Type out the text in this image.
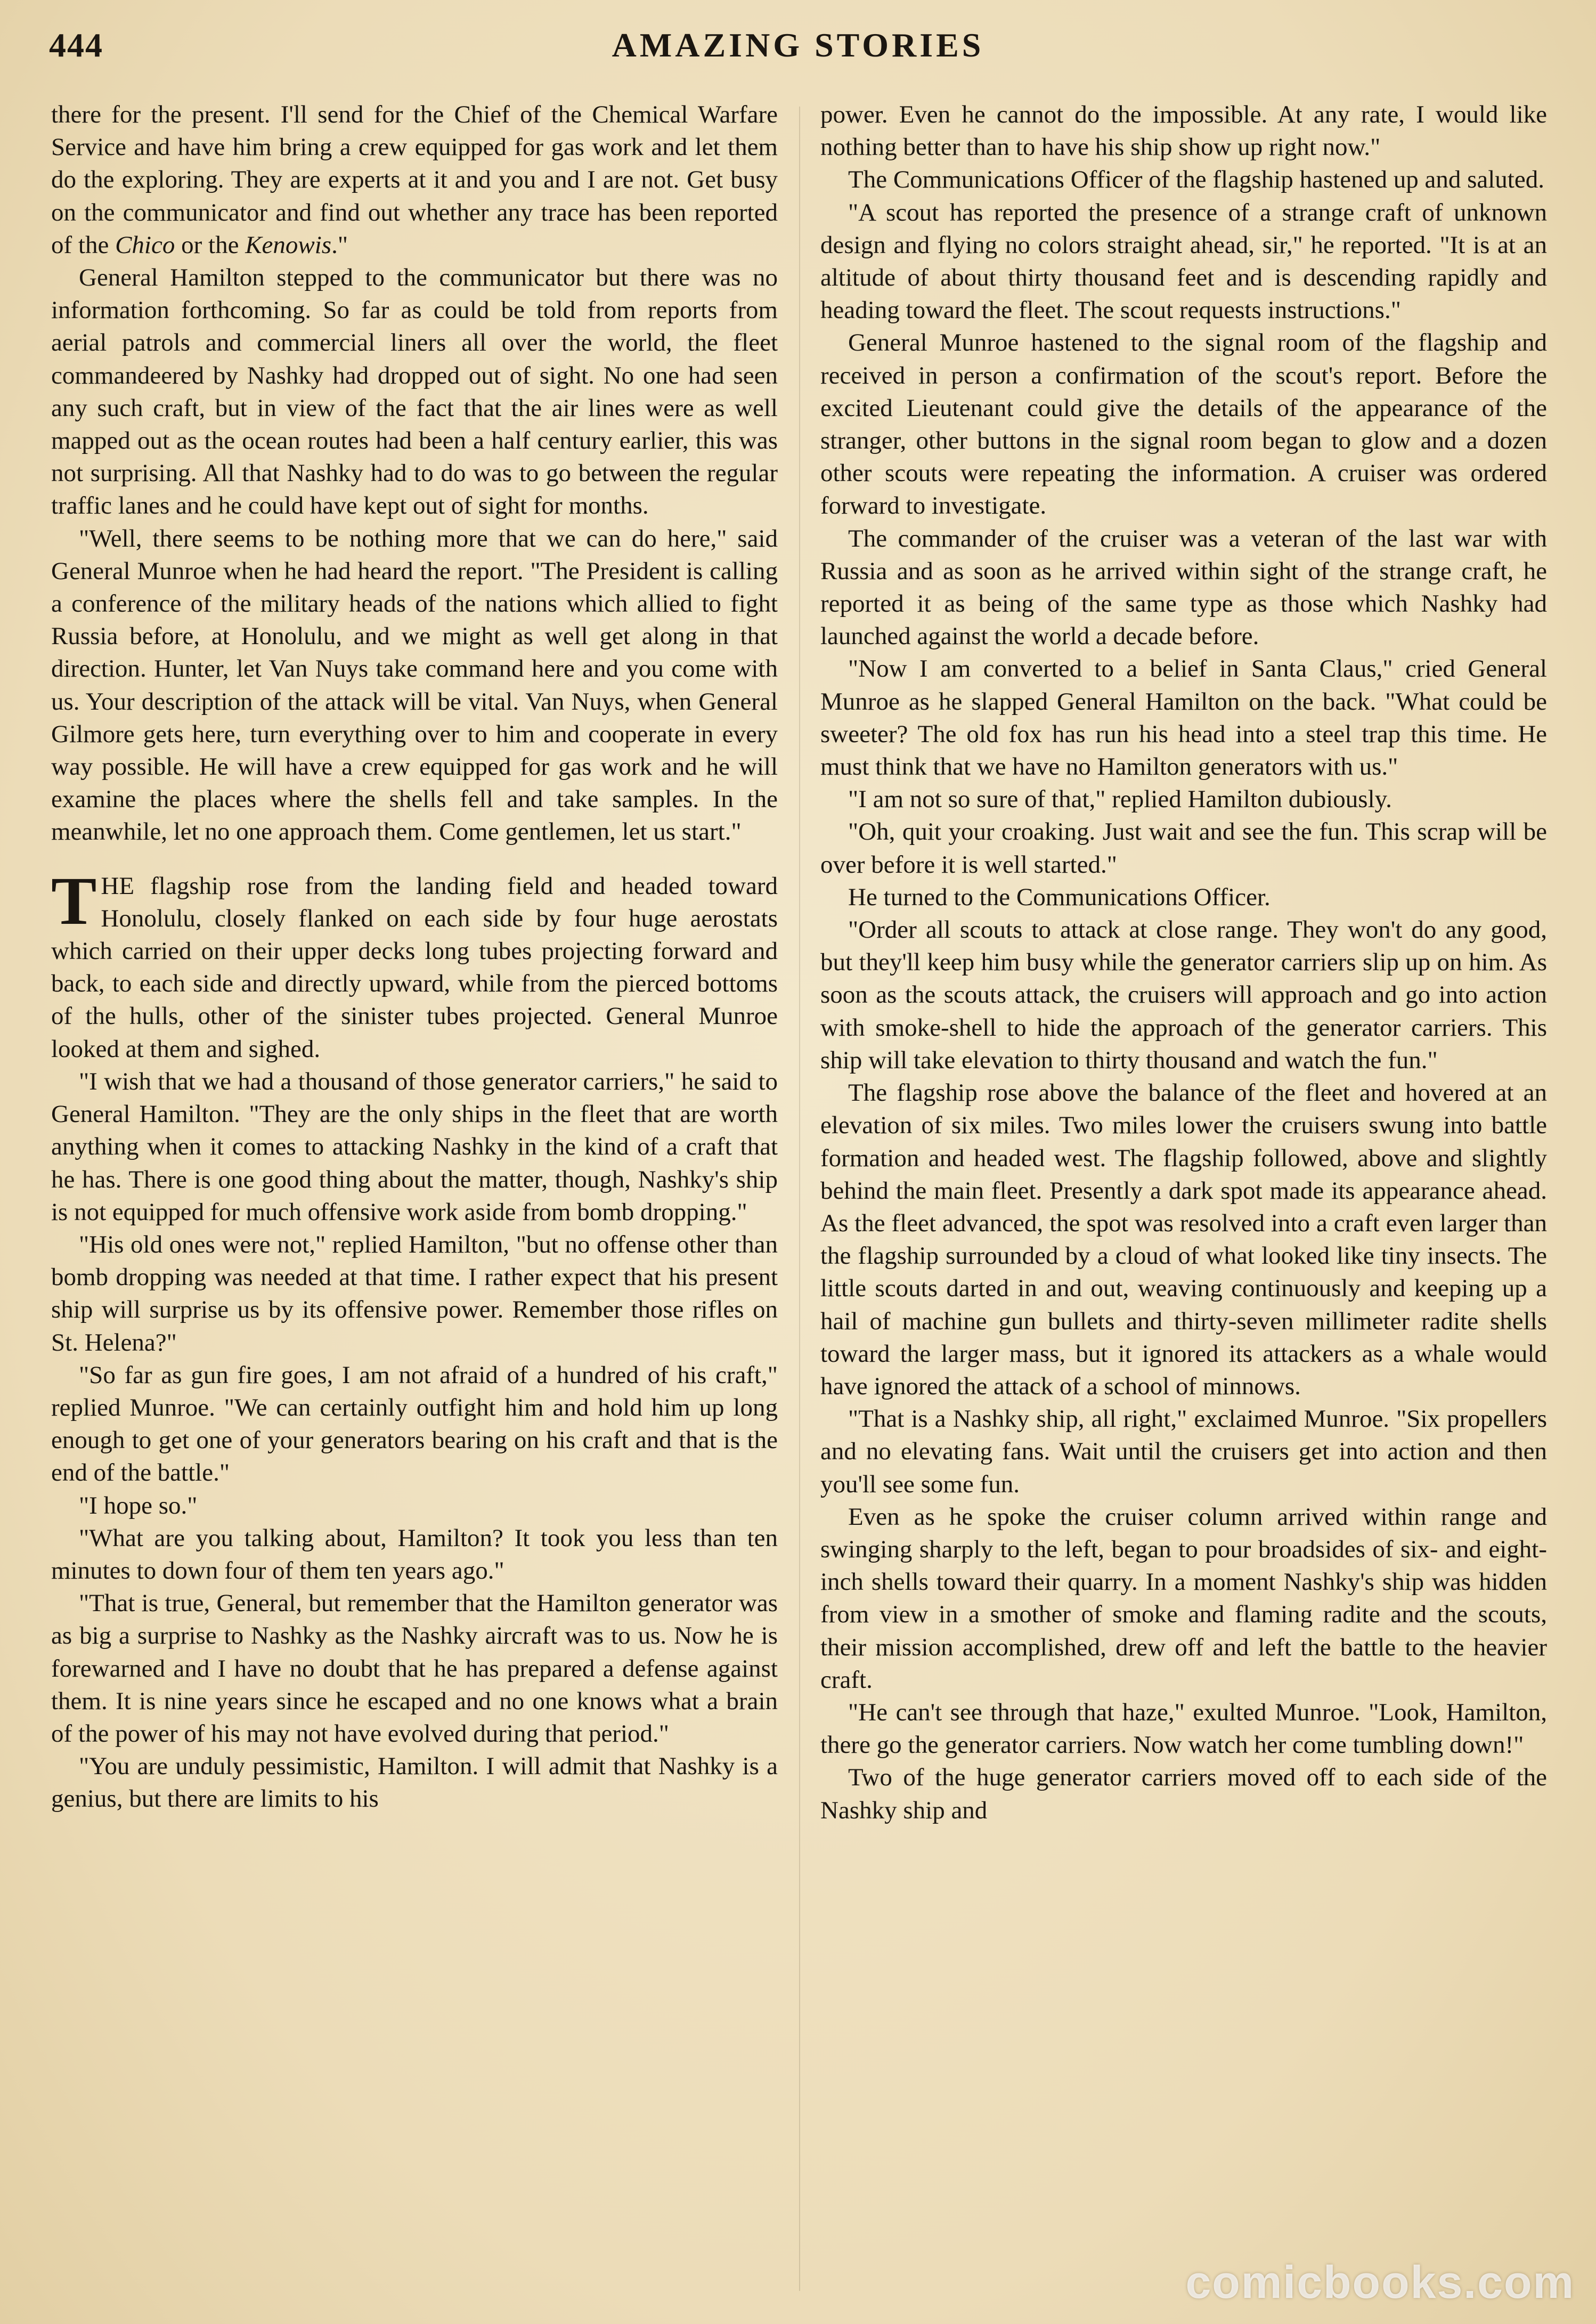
444	AMAZING STORIES

there for the present. I'll send for the Chief of the Chemical Warfare Service and have him bring a crew equipped for gas work and let them do the exploring. They are experts at it and you and I are not. Get busy on the communicator and find out whether any trace has been reported of the Chico or the Kenowis."

General Hamilton stepped to the communicator but there was no information forthcoming. So far as could be told from reports from aerial patrols and commercial liners all over the world, the fleet commandeered by Nashky had dropped out of sight. No one had seen any such craft, but in view of the fact that the air lines were as well mapped out as the ocean routes had been a half century earlier, this was not surprising. All that Nashky had to do was to go between the regular traffic lanes and he could have kept out of sight for months.

"Well, there seems to be nothing more that we can do here," said General Munroe when he had heard the report. "The President is calling a conference of the military heads of the nations which allied to fight Russia before, at Honolulu, and we might as well get along in that direction. Hunter, let Van Nuys take command here and you come with us. Your description of the attack will be vital. Van Nuys, when General Gilmore gets here, turn everything over to him and cooperate in every way possible. He will have a crew equipped for gas work and he will examine the places where the shells fell and take samples. In the meanwhile, let no one approach them. Come gentlemen, let us start."

THE flagship rose from the landing field and headed toward Honolulu, closely flanked on each side by four huge aerostats which carried on their upper decks long tubes projecting forward and back, to each side and directly upward, while from the pierced bottoms of the hulls, other of the sinister tubes projected. General Munroe looked at them and sighed.

"I wish that we had a thousand of those generator carriers," he said to General Hamilton. "They are the only ships in the fleet that are worth anything when it comes to attacking Nashky in the kind of a craft that he has. There is one good thing about the matter, though, Nashky's ship is not equipped for much offensive work aside from bomb dropping."

"His old ones were not," replied Hamilton, "but no offense other than bomb dropping was needed at that time. I rather expect that his present ship will surprise us by its offensive power. Remember those rifles on St. Helena?"

"So far as gun fire goes, I am not afraid of a hundred of his craft," replied Munroe. "We can certainly outfight him and hold him up long enough to get one of your generators bearing on his craft and that is the end of the battle."

"I hope so."

"What are you talking about, Hamilton? It took you less than ten minutes to down four of them ten years ago."

"That is true, General, but remember that the Hamilton generator was as big a surprise to Nashky as the Nashky aircraft was to us. Now he is forewarned and I have no doubt that he has prepared a defense against them. It is nine years since he escaped and no one knows what a brain of the power of his may not have evolved during that period."

"You are unduly pessimistic, Hamilton. I will admit that Nashky is a genius, but there are limits to his

power. Even he cannot do the impossible. At any rate, I would like nothing better than to have his ship show up right now."

The Communications Officer of the flagship hastened up and saluted.

"A scout has reported the presence of a strange craft of unknown design and flying no colors straight ahead, sir," he reported. "It is at an altitude of about thirty thousand feet and is descending rapidly and heading toward the fleet. The scout requests instructions."

General Munroe hastened to the signal room of the flagship and received in person a confirmation of the scout's report. Before the excited Lieutenant could give the details of the appearance of the stranger, other buttons in the signal room began to glow and a dozen other scouts were repeating the information. A cruiser was ordered forward to investigate.

The commander of the cruiser was a veteran of the last war with Russia and as soon as he arrived within sight of the strange craft, he reported it as being of the same type as those which Nashky had launched against the world a decade before.

"Now I am converted to a belief in Santa Claus," cried General Munroe as he slapped General Hamilton on the back. "What could be sweeter? The old fox has run his head into a steel trap this time. He must think that we have no Hamilton generators with us."

"I am not so sure of that," replied Hamilton dubiously.

"Oh, quit your croaking. Just wait and see the fun. This scrap will be over before it is well started."

He turned to the Communications Officer.

"Order all scouts to attack at close range. They won't do any good, but they'll keep him busy while the generator carriers slip up on him. As soon as the scouts attack, the cruisers will approach and go into action with smoke-shell to hide the approach of the generator carriers. This ship will take elevation to thirty thousand and watch the fun."

The flagship rose above the balance of the fleet and hovered at an elevation of six miles. Two miles lower the cruisers swung into battle formation and headed west. The flagship followed, above and slightly behind the main fleet. Presently a dark spot made its appearance ahead. As the fleet advanced, the spot was resolved into a craft even larger than the flagship surrounded by a cloud of what looked like tiny insects. The little scouts darted in and out, weaving continuously and keeping up a hail of machine gun bullets and thirty-seven millimeter radite shells toward the larger mass, but it ignored its attackers as a whale would have ignored the attack of a school of minnows.

"That is a Nashky ship, all right," exclaimed Munroe. "Six propellers and no elevating fans. Wait until the cruisers get into action and then you'll see some fun.

Even as he spoke the cruiser column arrived within range and swinging sharply to the left, began to pour broadsides of six- and eight-inch shells toward their quarry. In a moment Nashky's ship was hidden from view in a smother of smoke and flaming radite and the scouts, their mission accomplished, drew off and left the battle to the heavier craft.

"He can't see through that haze," exulted Munroe. "Look, Hamilton, there go the generator carriers. Now watch her come tumbling down!"

Two of the huge generator carriers moved off to each side of the Nashky ship and

comicbooks.com
